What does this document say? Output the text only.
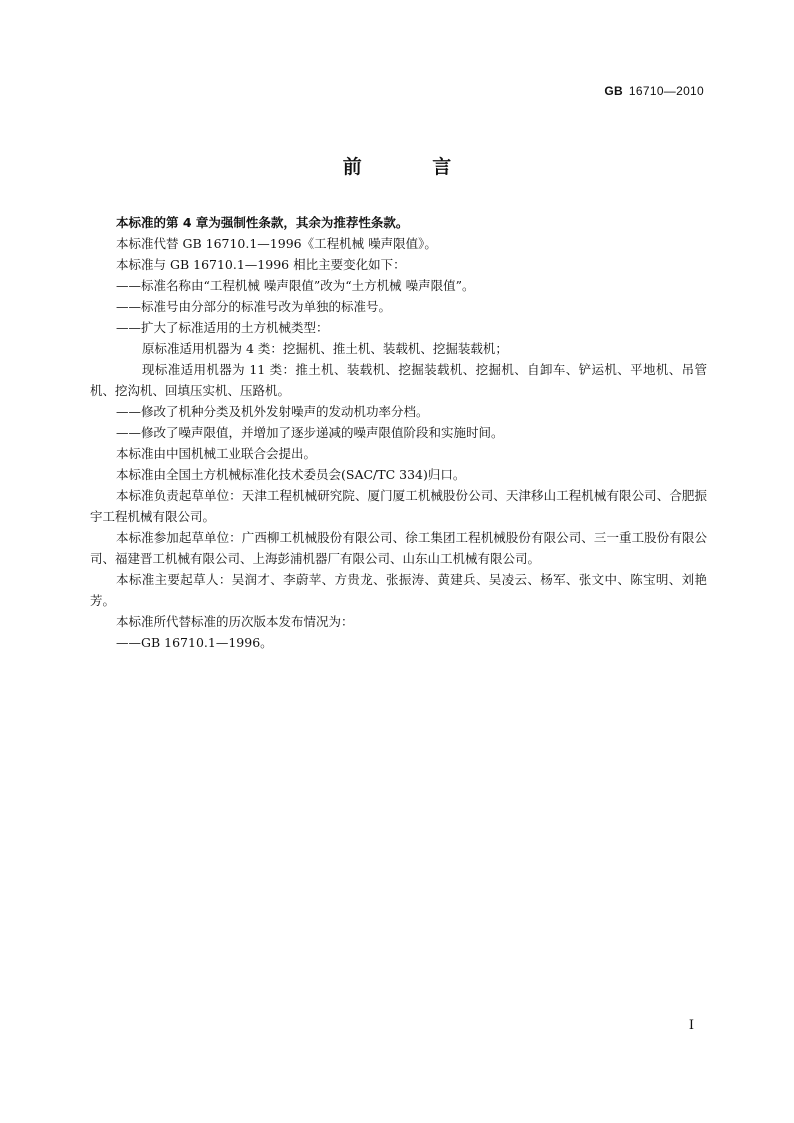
GB 16710—2010
前 言

本标准的第 4 章为强制性条款，其余为推荐性条款。

本标准代替 GB 16710.1—1996《工程机械 噪声限值》。

本标准与 GB 16710.1—1996 相比主要变化如下：

——标准名称由“工程机械 噪声限值”改为“土方机械 噪声限值”。

——标准号由分部分的标准号改为单独的标准号。

——扩大了标准适用的土方机械类型：

原标准适用机器为 4 类：挖掘机、推土机、装载机、挖掘装载机；

现标准适用机器为 11 类：推土机、装载机、挖掘装载机、挖掘机、自卸车、铲运机、平地机、吊管机、挖沟机、回填压实机、压路机。

——修改了机种分类及机外发射噪声的发动机功率分档。

——修改了噪声限值，并增加了逐步递减的噪声限值阶段和实施时间。

本标准由中国机械工业联合会提出。

本标准由全国土方机械标准化技术委员会(SAC/TC 334)归口。

本标准负责起草单位：天津工程机械研究院、厦门厦工机械股份公司、天津移山工程机械有限公司、合肥振宇工程机械有限公司。

本标准参加起草单位：广西柳工机械股份有限公司、徐工集团工程机械股份有限公司、三一重工股份有限公司、福建晋工机械有限公司、上海彭浦机器厂有限公司、山东山工机械有限公司。

本标准主要起草人：吴润才、李蔚苹、方贵龙、张振涛、黄建兵、吴凌云、杨军、张文中、陈宝明、刘艳芳。

本标准所代替标准的历次版本发布情况为：

——GB 16710.1—1996。

I
